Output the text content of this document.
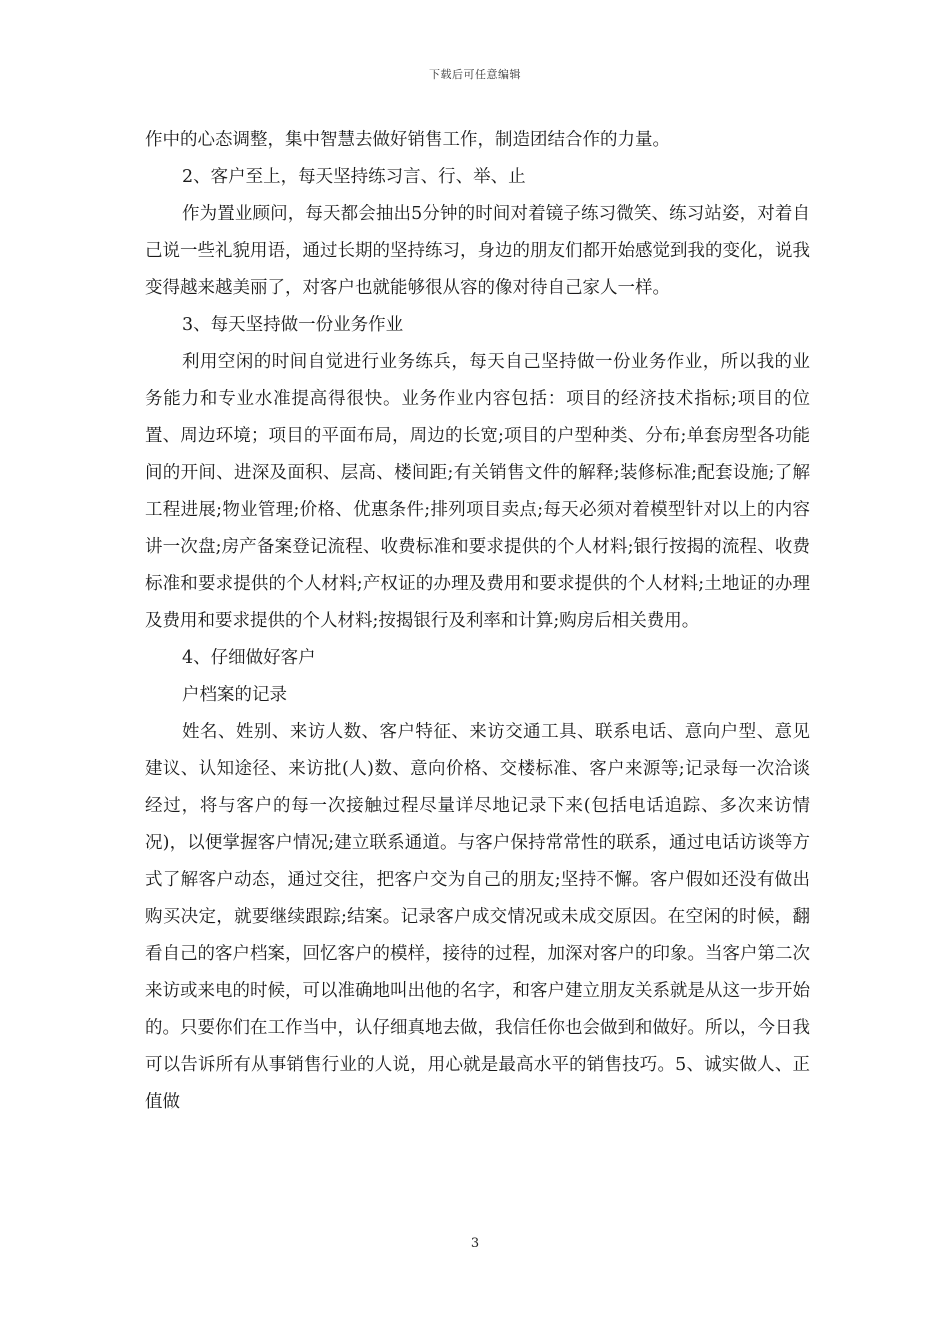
下载后可任意编辑

作中的心态调整，集中智慧去做好销售工作，制造团结合作的力量。

2、客户至上，每天坚持练习言、行、举、止

作为置业顾问，每天都会抽出5分钟的时间对着镜子练习微笑、练习站姿，对着自己说一些礼貌用语，通过长期的坚持练习，身边的朋友们都开始感觉到我的变化，说我变得越来越美丽了，对客户也就能够很从容的像对待自己家人一样。

3、每天坚持做一份业务作业

利用空闲的时间自觉进行业务练兵，每天自己坚持做一份业务作业，所以我的业务能力和专业水准提高得很快。业务作业内容包括：项目的经济技术指标;项目的位置、周边环境；项目的平面布局，周边的长宽;项目的户型种类、分布;单套房型各功能间的开间、进深及面积、层高、楼间距;有关销售文件的解释;装修标准;配套设施;了解工程进展;物业管理;价格、优惠条件;排列项目卖点;每天必须对着模型针对以上的内容讲一次盘;房产备案登记流程、收费标准和要求提供的个人材料;银行按揭的流程、收费标准和要求提供的个人材料;产权证的办理及费用和要求提供的个人材料;土地证的办理及费用和要求提供的个人材料;按揭银行及利率和计算;购房后相关费用。

4、仔细做好客户

户档案的记录

姓名、姓别、来访人数、客户特征、来访交通工具、联系电话、意向户型、意见建议、认知途径、来访批(人)数、意向价格、交楼标准、客户来源等;记录每一次洽谈经过，将与客户的每一次接触过程尽量详尽地记录下来(包括电话追踪、多次来访情况)，以便掌握客户情况;建立联系通道。与客户保持常常性的联系，通过电话访谈等方式了解客户动态，通过交往，把客户交为自己的朋友;坚持不懈。客户假如还没有做出购买决定，就要继续跟踪;结案。记录客户成交情况或未成交原因。在空闲的时候，翻看自己的客户档案，回忆客户的模样，接待的过程，加深对客户的印象。当客户第二次来访或来电的时候，可以准确地叫出他的名字，和客户建立朋友关系就是从这一步开始的。只要你们在工作当中，认仔细真地去做，我信任你也会做到和做好。所以，今日我可以告诉所有从事销售行业的人说，用心就是最高水平的销售技巧。5、诚实做人、正值做

3
